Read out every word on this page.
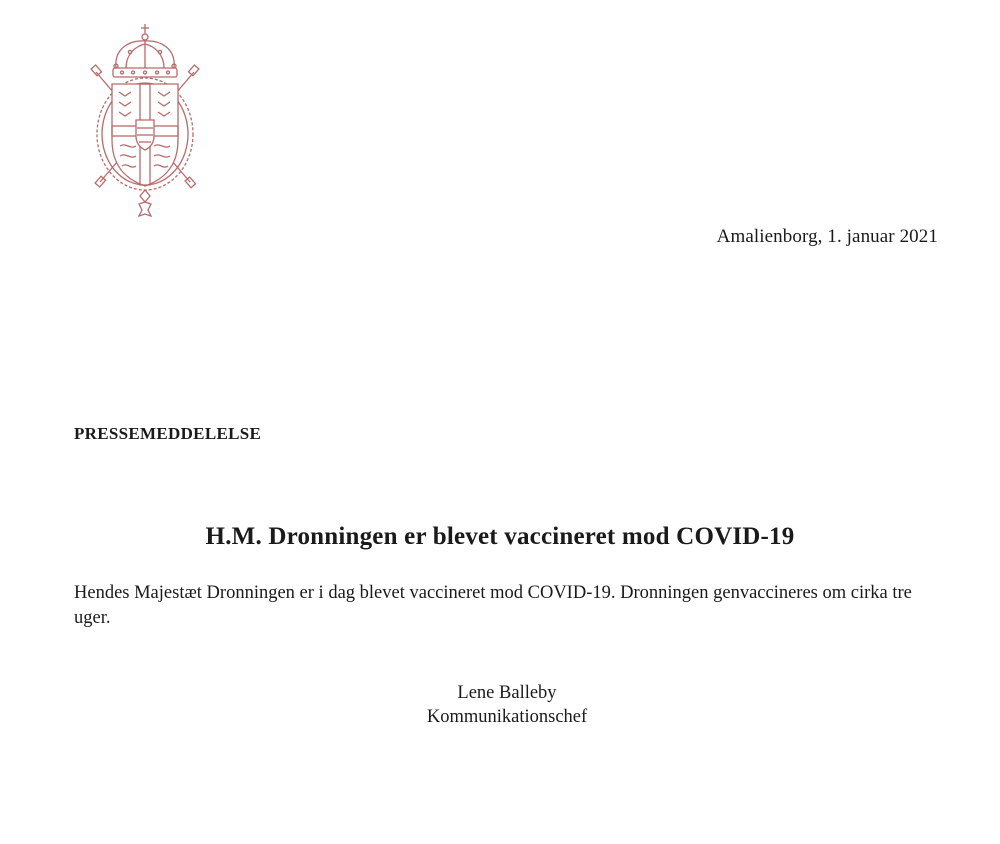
Amalienborg, 1. januar 2021
PRESSEMEDDELELSE
H.M. Dronningen er blevet vaccineret mod COVID-19

Hendes Majestæt Dronningen er i dag blevet vaccineret mod COVID-19. Dronningen genvaccineres om cirka tre uger.

Lene Balleby
Kommunikationschef
